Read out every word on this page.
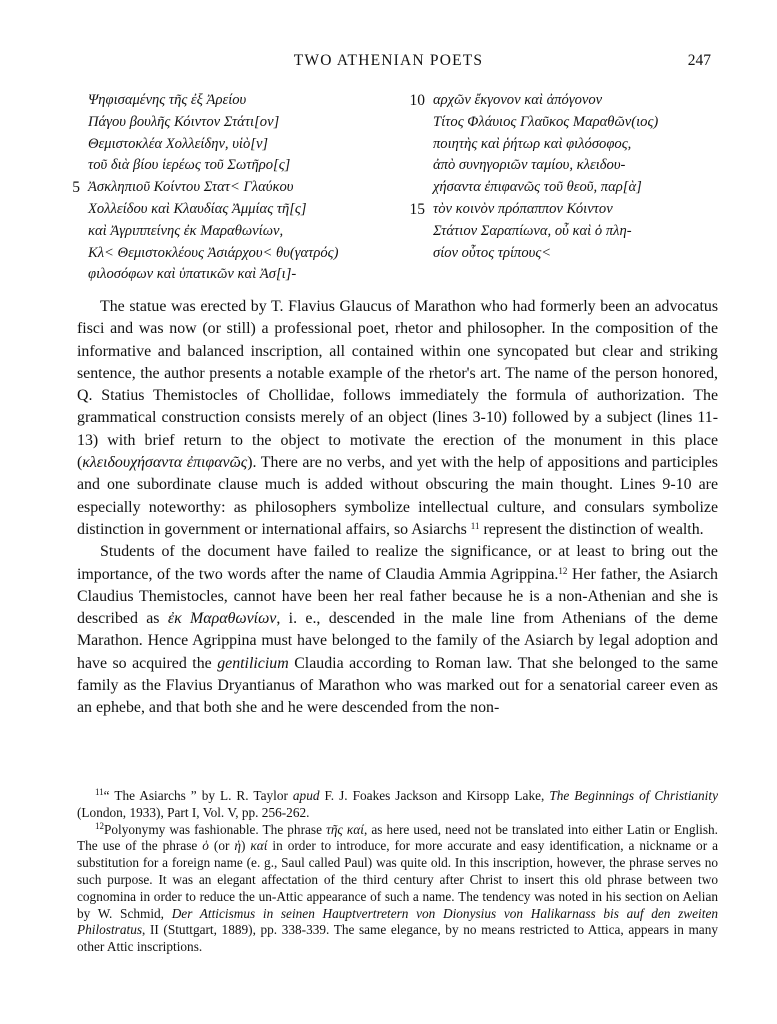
TWO ATHENIAN POETS	247
Ψηφισαμένης τῆς ἐξ Ἀρείου
Πάγου βουλῆς Κόιντον Στάτι[ον]
Θεμιστοκλέα Χολλείδην, υἱὸ[ν]
τοῦ διὰ βίου ἱερέως τοῦ Σωτῆρο[ς]
5 Ἀσκληπιοῦ Κοίντου Στατ< Γλαύκου
Χολλείδου καὶ Κλαυδίας Ἀμμίας τῆ[ς]
καὶ Ἀγριππείνης ἐκ Μαραθωνίων,
Κλ< Θεμιστοκλέους Ἀσιάρχου< θυ(γατρός)
φιλοσόφων καὶ ὑπατικῶν καὶ Ἀσ[ι]-
10 αρχῶν ἔκγονον καὶ ἀπόγονον
Τίτος Φλάυιος Γλαῦκος Μαραθῶν(ιος)
ποιητὴς καὶ ῥήτωρ καὶ φιλόσοφος,
ἀπὸ συνηγοριῶν ταμίου, κλειδου-
χήσαντα ἐπιφανῶς τοῦ θεοῦ, παρ[ὰ]
15 τὸν κοινὸν πρόπαππον Κόιντον
Στάτιον Σαραπίωνα, οὗ καὶ ὁ πλη-
σίον οὗτος τρίπους<

The statue was erected by T. Flavius Glaucus of Marathon who had formerly been an advocatus fisci and was now (or still) a professional poet, rhetor and philosopher. In the composition of the informative and balanced inscription, all contained within one syncopated but clear and striking sentence, the author presents a notable example of the rhetor's art. The name of the person honored, Q. Statius Themistocles of Chollidae, follows immediately the formula of authorization. The grammatical construction consists merely of an object (lines 3-10) followed by a subject (lines 11-13) with brief return to the object to motivate the erection of the monument in this place (κλειδουχήσαντα ἐπιφανῶς). There are no verbs, and yet with the help of appositions and participles and one subordinate clause much is added without obscuring the main thought. Lines 9-10 are especially noteworthy: as philosophers symbolize intellectual culture, and consulars symbolize distinction in government or international affairs, so Asiarchs $^{11}$ represent the distinction of wealth.

Students of the document have failed to realize the significance, or at least to bring out the importance, of the two words after the name of Claudia Ammia Agrippina.$^{12}$ Her father, the Asiarch Claudius Themistocles, cannot have been her real father because he is a non-Athenian and she is described as ἐκ Μαραθωνίων, i. e., descended in the male line from Athenians of the deme Marathon. Hence Agrippina must have belonged to the family of the Asiarch by legal adoption and have so acquired the gentilicium Claudia according to Roman law. That she belonged to the same family as the Flavius Dryantianus of Marathon who was marked out for a senatorial career even as an ephebe, and that both she and he were descended from the non-

$^{11}$“ The Asiarchs ” by L. R. Taylor apud F. J. Foakes Jackson and Kirsopp Lake, The Beginnings of Christianity (London, 1933), Part I, Vol. V, pp. 256-262.

$^{12}$Polyonymy was fashionable. The phrase τῆς καί, as here used, need not be translated into either Latin or English. The use of the phrase ὁ (or ἡ) καί in order to introduce, for more accurate and easy identification, a nickname or a substitution for a foreign name (e. g., Saul called Paul) was quite old. In this inscription, however, the phrase serves no such purpose. It was an elegant affectation of the third century after Christ to insert this old phrase between two cognomina in order to reduce the un-Attic appearance of such a name. The tendency was noted in his section on Aelian by W. Schmid, Der Atticismus in seinen Hauptvertretern von Dionysius von Halikarnass bis auf den zweiten Philostratus, II (Stuttgart, 1889), pp. 338-339. The same elegance, by no means restricted to Attica, appears in many other Attic inscriptions.
